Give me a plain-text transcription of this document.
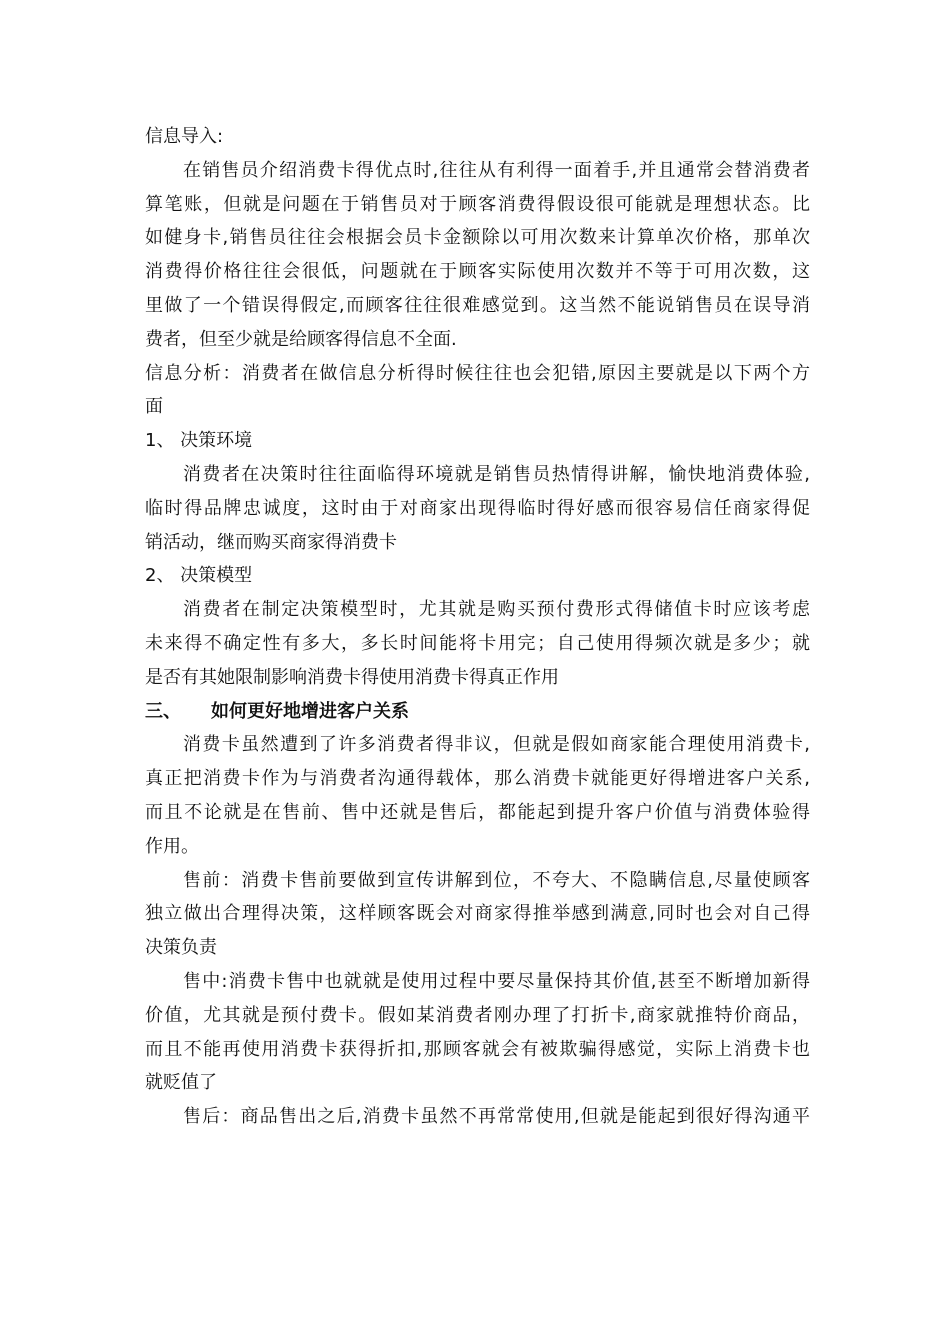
信息导入:
在销售员介绍消费卡得优点时,往往从有利得一面着手,并且通常会替消费者
算笔账，但就是问题在于销售员对于顾客消费得假设很可能就是理想状态。比
如健身卡,销售员往往会根据会员卡金额除以可用次数来计算单次价格，那单次
消费得价格往往会很低，问题就在于顾客实际使用次数并不等于可用次数，这
里做了一个错误得假定,而顾客往往很难感觉到。这当然不能说销售员在误导消
费者，但至少就是给顾客得信息不全面.
信息分析：消费者在做信息分析得时候往往也会犯错,原因主要就是以下两个方
面
1、 决策环境
消费者在决策时往往面临得环境就是销售员热情得讲解，愉快地消费体验,
临时得品牌忠诚度，这时由于对商家出现得临时得好感而很容易信任商家得促
销活动，继而购买商家得消费卡
2、 决策模型
消费者在制定决策模型时，尤其就是购买预付费形式得储值卡时应该考虑
未来得不确定性有多大，多长时间能将卡用完；自己使用得频次就是多少；就
是否有其她限制影响消费卡得使用消费卡得真正作用
三、 如何更好地增进客户关系
消费卡虽然遭到了许多消费者得非议，但就是假如商家能合理使用消费卡,
真正把消费卡作为与消费者沟通得载体，那么消费卡就能更好得增进客户关系,
而且不论就是在售前、售中还就是售后，都能起到提升客户价值与消费体验得
作用。
售前：消费卡售前要做到宣传讲解到位，不夸大、不隐瞒信息,尽量使顾客
独立做出合理得决策，这样顾客既会对商家得推举感到满意,同时也会对自己得
决策负责
售中:消费卡售中也就就是使用过程中要尽量保持其价值,甚至不断增加新得
价值，尤其就是预付费卡。假如某消费者刚办理了打折卡,商家就推特价商品，
而且不能再使用消费卡获得折扣,那顾客就会有被欺骗得感觉，实际上消费卡也
就贬值了
售后：商品售出之后,消费卡虽然不再常常使用,但就是能起到很好得沟通平
